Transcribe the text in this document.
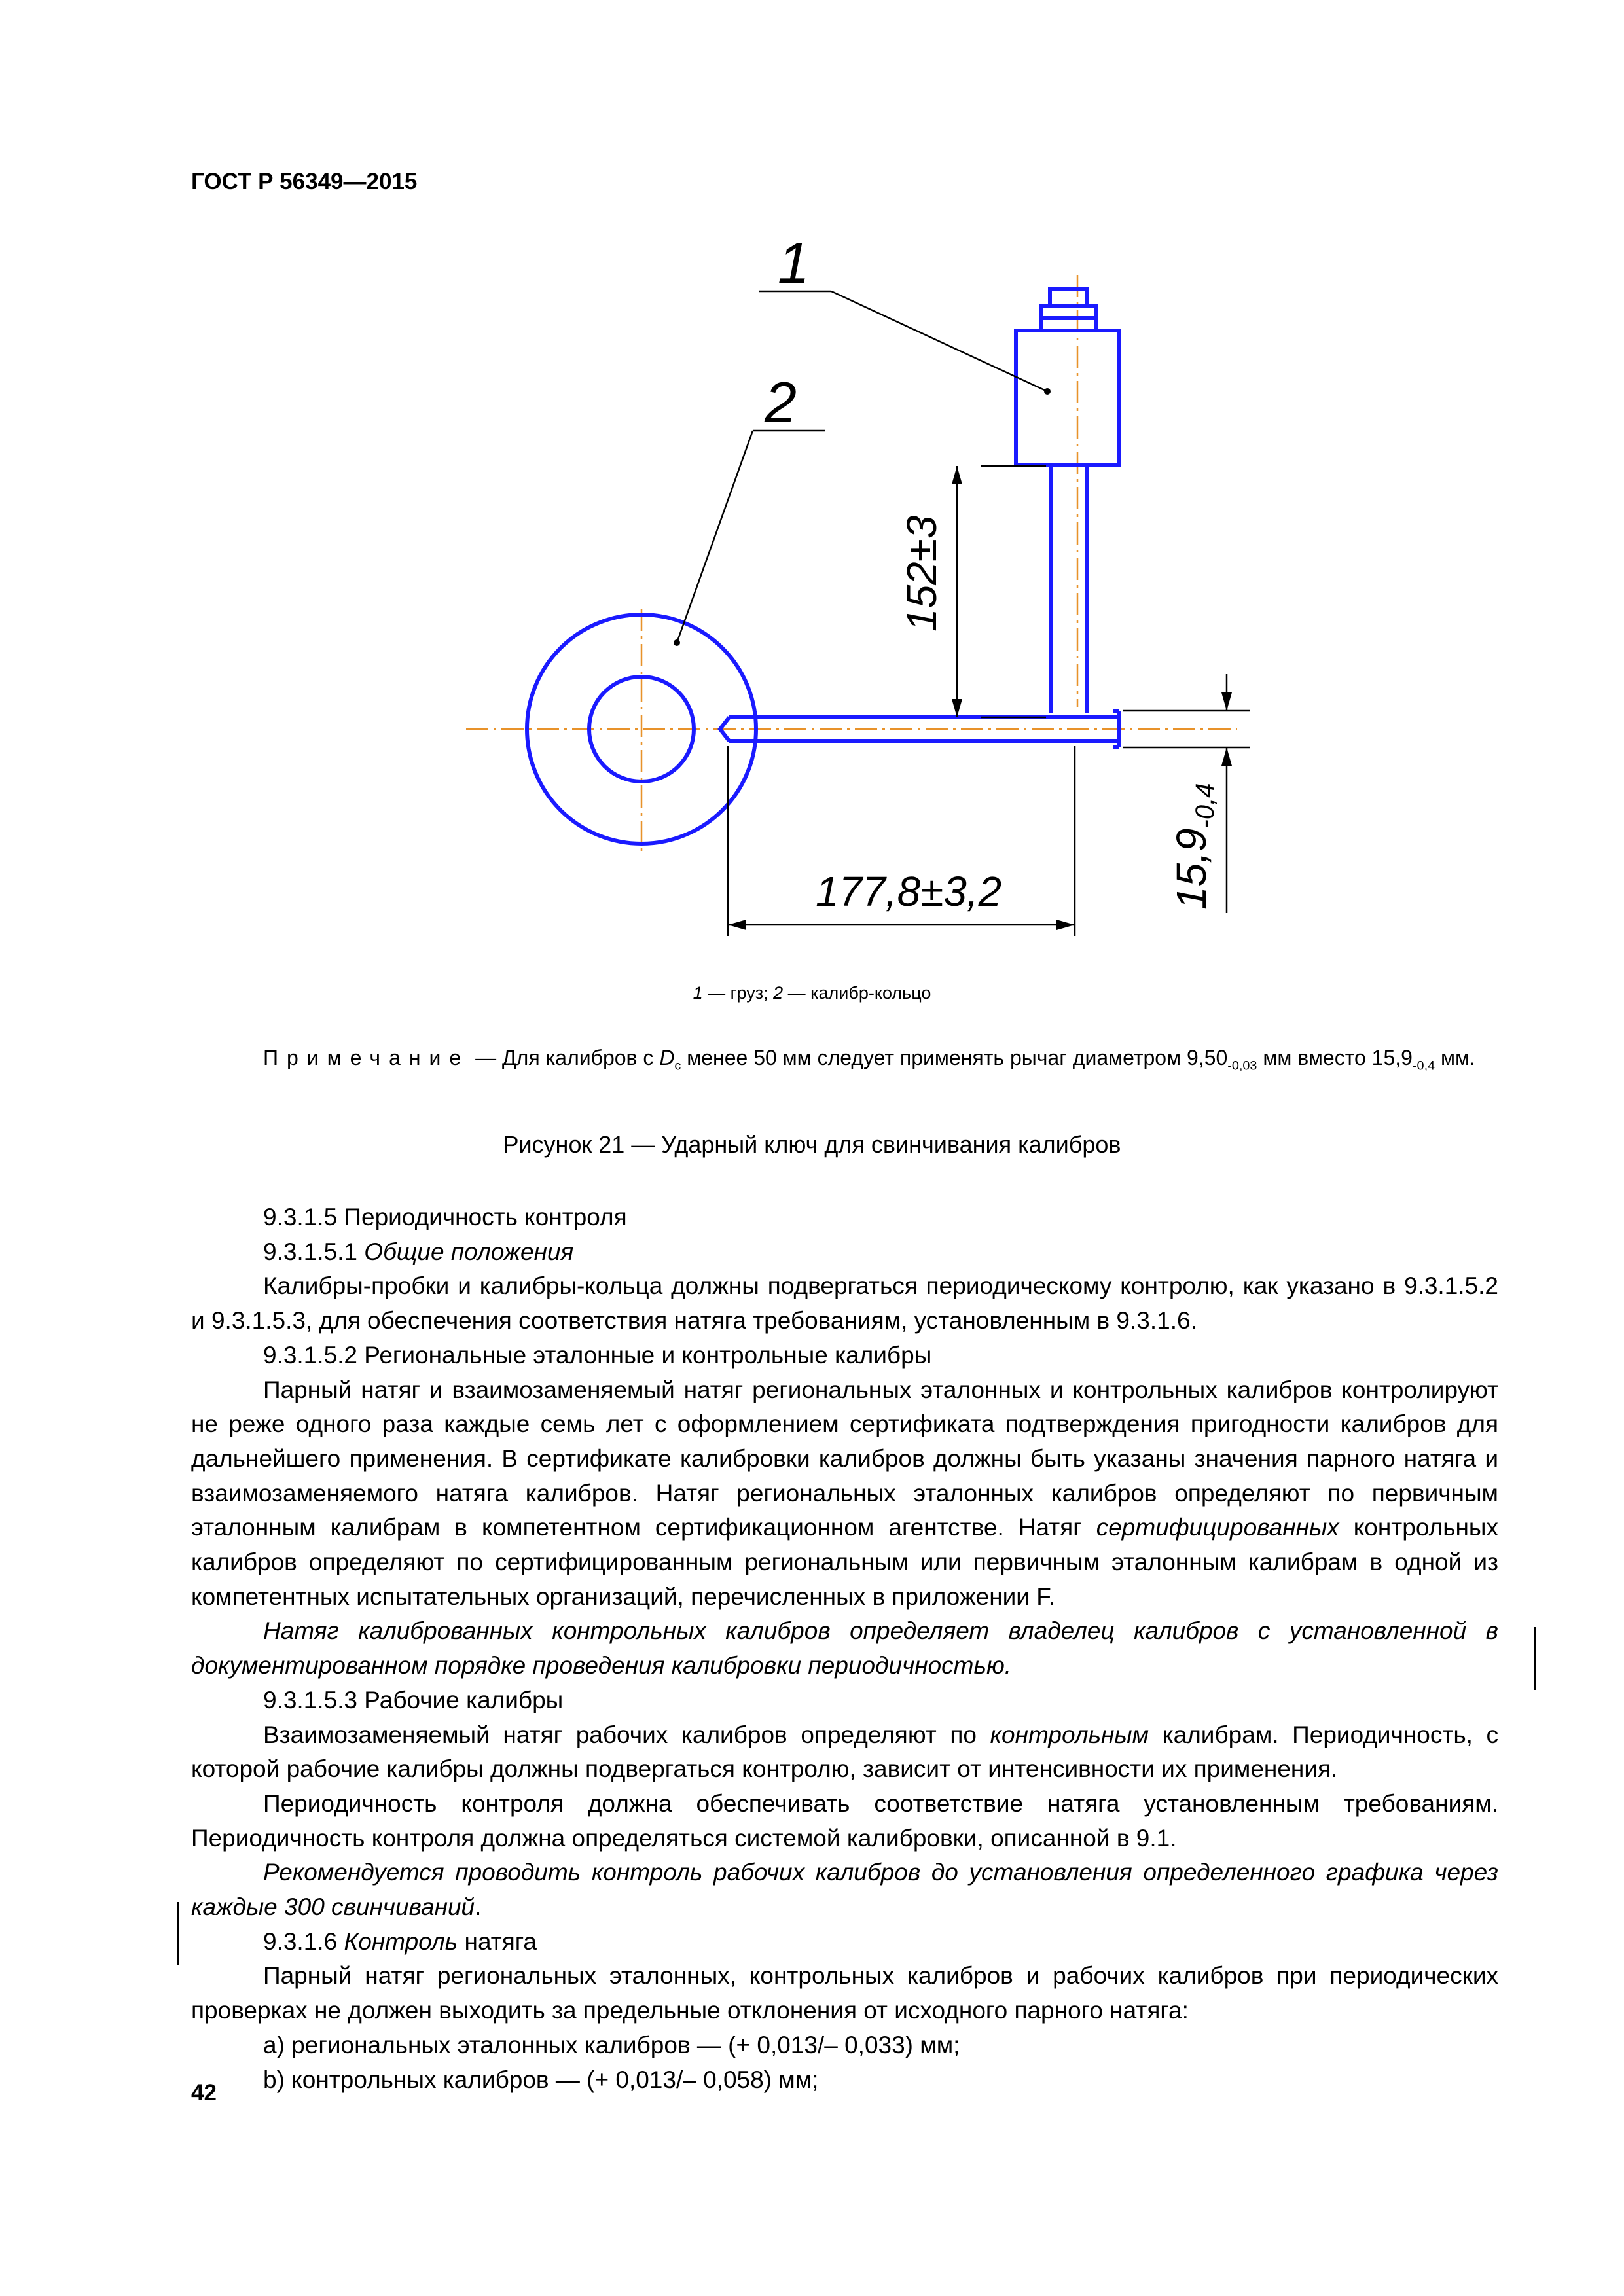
ГОСТ Р 56349—2015
1
2
152±3
177,8±3,2	15,9-0,4
1 — груз; 2 — калибр-кольцо
Примечание — Для калибров с $D_c$ менее 50 мм следует применять рычаг диаметром $9,50_{-0,03}$ мм вместо $15,9_{-0,4}$ мм.
Рисунок 21 — Ударный ключ для свинчивания калибров

9.3.1.5 Периодичность контроля

9.3.1.5.1 Общие положения

Калибры-пробки и калибры-кольца должны подвергаться периодическому контролю, как указано в 9.3.1.5.2 и 9.3.1.5.3, для обеспечения соответствия натяга требованиям, установленным в 9.3.1.6.

9.3.1.5.2 Региональные эталонные и контрольные калибры

Парный натяг и взаимозаменяемый натяг региональных эталонных и контрольных калибров контролируют не реже одного раза каждые семь лет с оформлением сертификата подтверждения пригодности калибров для дальнейшего применения. В сертификате калибровки калибров должны быть указаны значения парного натяга и взаимозаменяемого натяга калибров. Натяг региональных эталонных калибров определяют по первичным эталонным калибрам в компетентном сертификационном агентстве. Натяг сертифицированных контрольных калибров определяют по сертифицированным региональным или первичным эталонным калибрам в одной из компетентных испытательных организаций, перечисленных в приложении F.

Натяг калиброванных контрольных калибров определяет владелец калибров с установленной в документированном порядке проведения калибровки периодичностью.

9.3.1.5.3 Рабочие калибры

Взаимозаменяемый натяг рабочих калибров определяют по контрольным калибрам. Периодичность, с которой рабочие калибры должны подвергаться контролю, зависит от интенсивности их применения.

Периодичность контроля должна обеспечивать соответствие натяга установленным требованиям. Периодичность контроля должна определяться системой калибровки, описанной в 9.1.

Рекомендуется проводить контроль рабочих калибров до установления определенного графика через каждые 300 свинчиваний.

9.3.1.6 Контроль натяга

Парный натяг региональных эталонных, контрольных калибров и рабочих калибров при периодических проверках не должен выходить за предельные отклонения от исходного парного натяга:

a) региональных эталонных калибров — (+ 0,013/– 0,033) мм;

b) контрольных калибров — (+ 0,013/– 0,058) мм;

42
